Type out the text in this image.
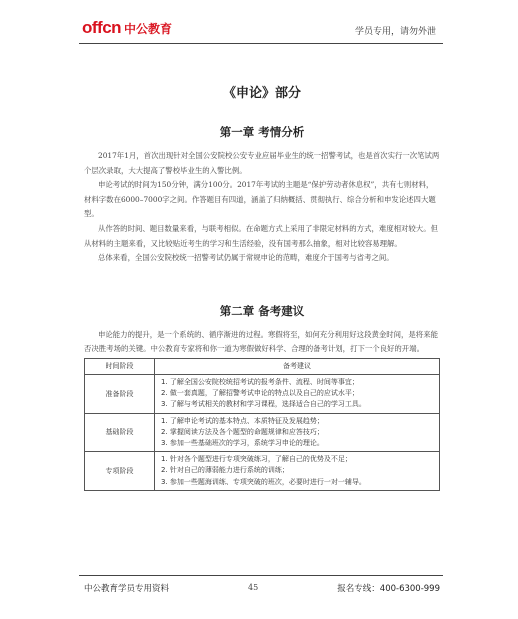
offcn 中公教育	学员专用，请勿外泄
《申论》部分
第一章 考情分析

2017年1月，首次出现针对全国公安院校公安专业应届毕业生的统一招警考试，也是首次实行一次笔试两个层次录取，大大提高了警校毕业生的入警比例。

申论考试的时间为150分钟，满分100分。2017年考试的主题是“保护劳动者休息权”，共有七则材料，材料字数在6000–7000字之间。作答题目有四道，涵盖了归纳概括、贯彻执行、综合分析和申发论述四大题型。

从作答的时间、题目数量来看，与联考相似。在命题方式上采用了非限定材料的方式，难度相对较大。但从材料的主题来看，又比较贴近考生的学习和生活经验，没有国考那么抽象，相对比较容易理解。

总体来看，全国公安院校统一招警考试仍属于常规申论的范畴，难度介于国考与省考之间。

第二章 备考建议

申论能力的提升，是一个系统的、循序渐进的过程。寒假将至，如何充分利用好这段黄金时间，是将来能否决胜考场的关键。中公教育专家将和你一道为寒假做好科学、合理的备考计划，打下一个良好的开端。

时间阶段	备考建议
准备阶段	1. 了解全国公安院校统招考试的报考条件、流程、时间等事宜；
2. 做一套真题，了解招警考试申论的特点以及自己的应试水平；
3. 了解与考试相关的教材和学习课程，选择适合自己的学习工具。

基础阶段	1. 了解申论考试的基本特点、本质特征及发展趋势；
2. 掌握阅读方法及各个题型的命题规律和应答技巧；
3. 参加一些基础班次的学习，系统学习申论的理论。

专项阶段	1. 针对各个题型进行专项突破练习，了解自己的优势及不足；
2. 针对自己的薄弱能力进行系统的训练；
3. 参加一些题海训练、专项突破的班次，必要时进行一对一辅导。
中公教育学员专用资料	45	报名专线：400-6300-999
